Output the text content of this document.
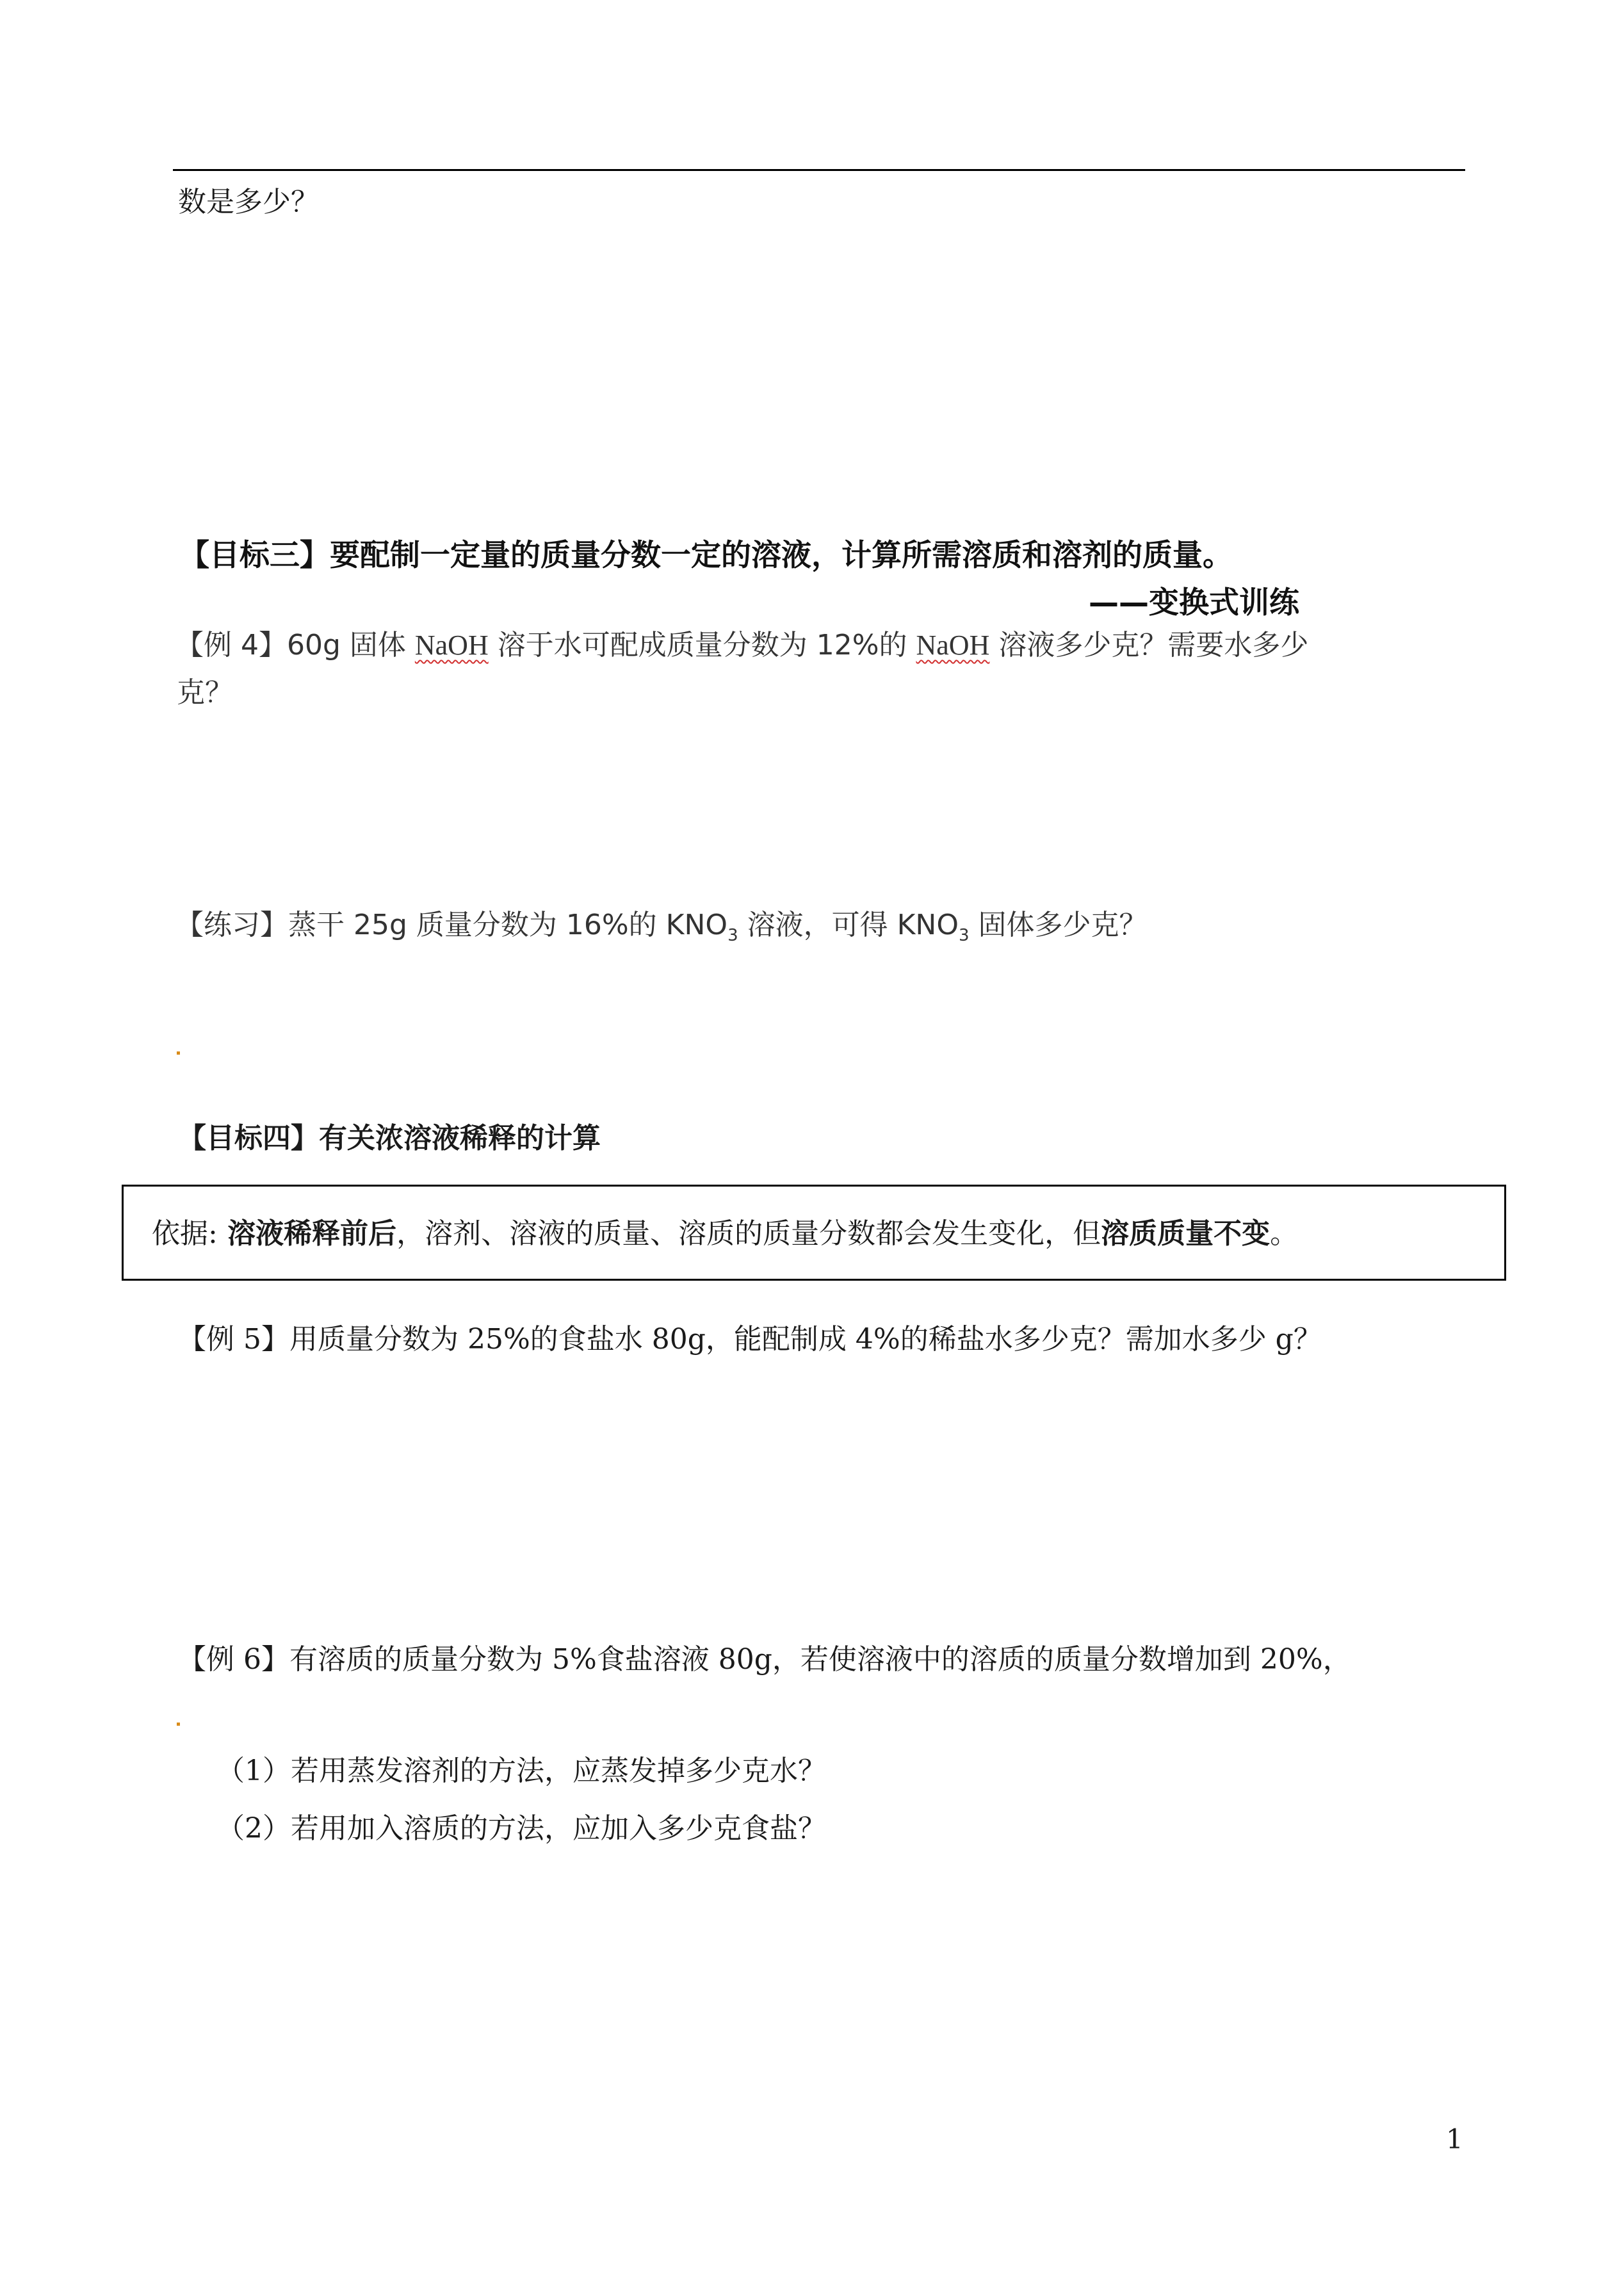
数是多少？
【目标三】要配制一定量的质量分数一定的溶液，计算所需溶质和溶剂的质量。
——变换式训练
【例 4】60g 固体 NaOH 溶于水可配成质量分数为 12%的 NaOH 溶液多少克？需要水多少
克？
【练习】蒸干 25g 质量分数为 16%的 $KNO_3$ 溶液，可得 $KNO_3$ 固体多少克？
【目标四】有关浓溶液稀释的计算
依据: 溶液稀释前后，溶剂、溶液的质量、溶质的质量分数都会发生变化，但溶质质量不变。
【例 5】用质量分数为 25%的食盐水 80g，能配制成 4%的稀盐水多少克？需加水多少 g？
【例 6】有溶质的质量分数为 5%食盐溶液 80g，若使溶液中的溶质的质量分数增加到 20%，
（1）若用蒸发溶剂的方法，应蒸发掉多少克水？
（2）若用加入溶质的方法，应加入多少克食盐？
1
